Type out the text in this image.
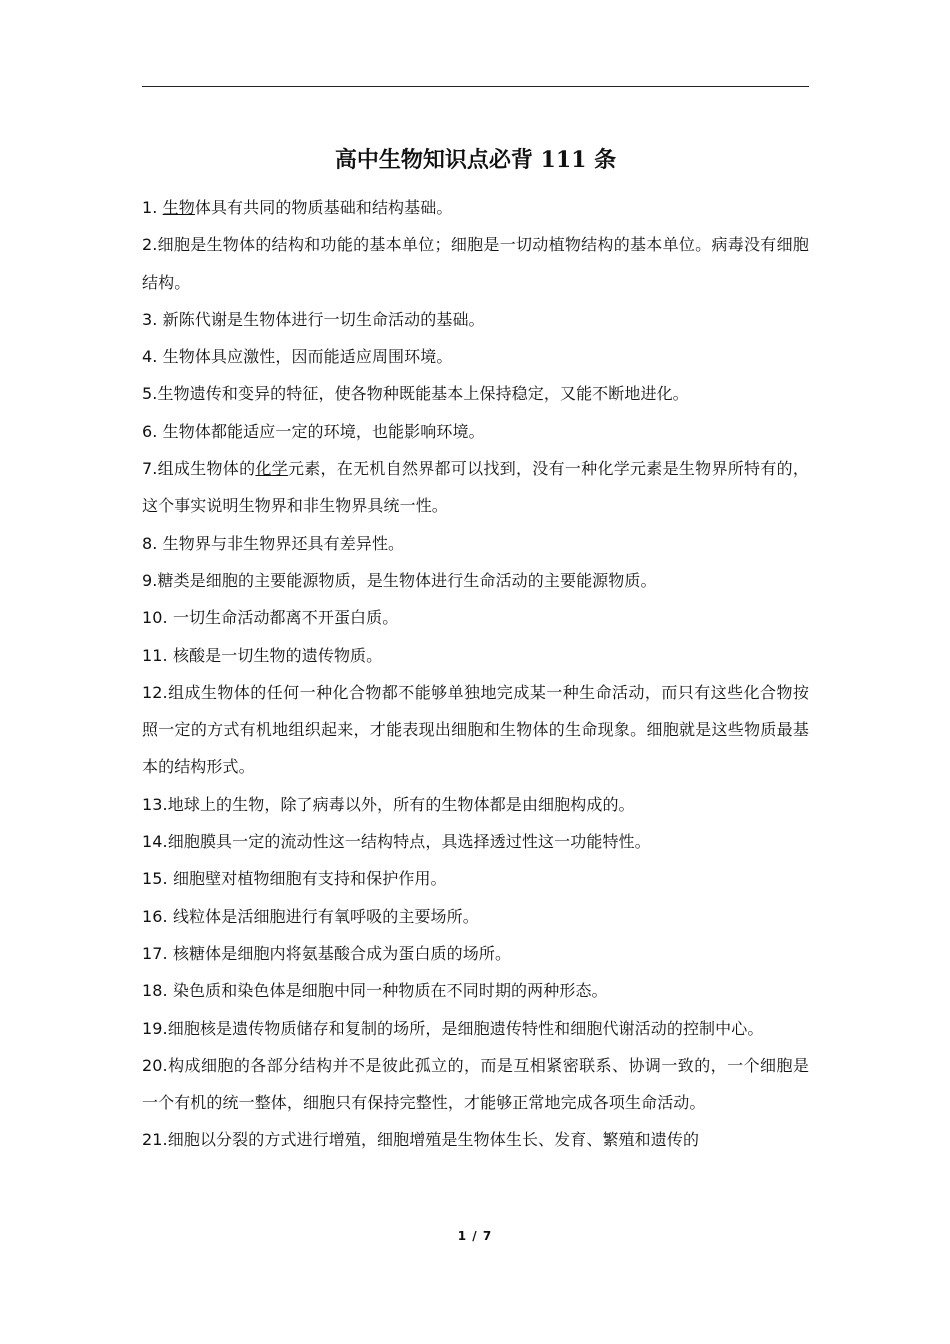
高中生物知识点必背 111 条

1. 生物体具有共同的物质基础和结构基础。

2.细胞是生物体的结构和功能的基本单位；细胞是一切动植物结构的基本单位。病毒没有细胞结构。

3. 新陈代谢是生物体进行一切生命活动的基础。

4. 生物体具应激性，因而能适应周围环境。

5.生物遗传和变异的特征，使各物种既能基本上保持稳定，又能不断地进化。

6. 生物体都能适应一定的环境，也能影响环境。

7.组成生物体的化学元素，在无机自然界都可以找到，没有一种化学元素是生物界所特有的，这个事实说明生物界和非生物界具统一性。

8. 生物界与非生物界还具有差异性。

9.糖类是细胞的主要能源物质，是生物体进行生命活动的主要能源物质。

10. 一切生命活动都离不开蛋白质。

11. 核酸是一切生物的遗传物质。

12.组成生物体的任何一种化合物都不能够单独地完成某一种生命活动，而只有这些化合物按照一定的方式有机地组织起来，才能表现出细胞和生物体的生命现象。细胞就是这些物质最基本的结构形式。

13.地球上的生物，除了病毒以外，所有的生物体都是由细胞构成的。

14.细胞膜具一定的流动性这一结构特点，具选择透过性这一功能特性。

15. 细胞壁对植物细胞有支持和保护作用。

16. 线粒体是活细胞进行有氧呼吸的主要场所。

17. 核糖体是细胞内将氨基酸合成为蛋白质的场所。

18. 染色质和染色体是细胞中同一种物质在不同时期的两种形态。

19.细胞核是遗传物质储存和复制的场所，是细胞遗传特性和细胞代谢活动的控制中心。

20.构成细胞的各部分结构并不是彼此孤立的，而是互相紧密联系、协调一致的，一个细胞是一个有机的统一整体，细胞只有保持完整性，才能够正常地完成各项生命活动。

21.细胞以分裂的方式进行增殖，细胞增殖是生物体生长、发育、繁殖和遗传的

1 / 7
